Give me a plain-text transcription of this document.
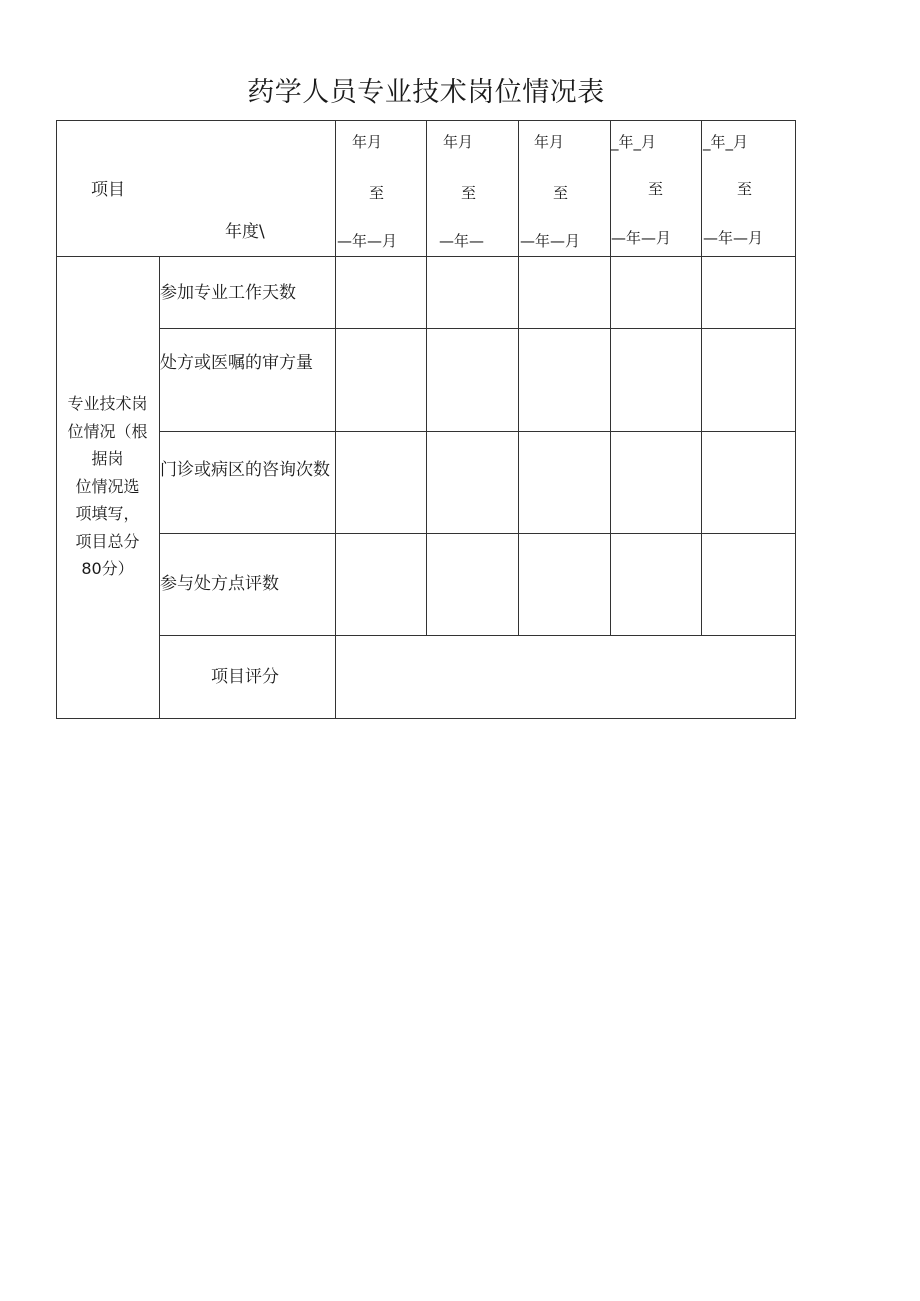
药学人员专业技术岗位情况表
项目
年度\
年月
至
—年—月
年月
至
—年—
年月
至
—年—月
_年_月
至
—年—月
_年_月
至
—年—月
专业技术岗
位情况（根
据岗
位情况选
项填写，
项目总分
80分）
参加专业工作天数
处方或医嘱的审方量
门诊或病区的咨询次数
参与处方点评数
项目评分
